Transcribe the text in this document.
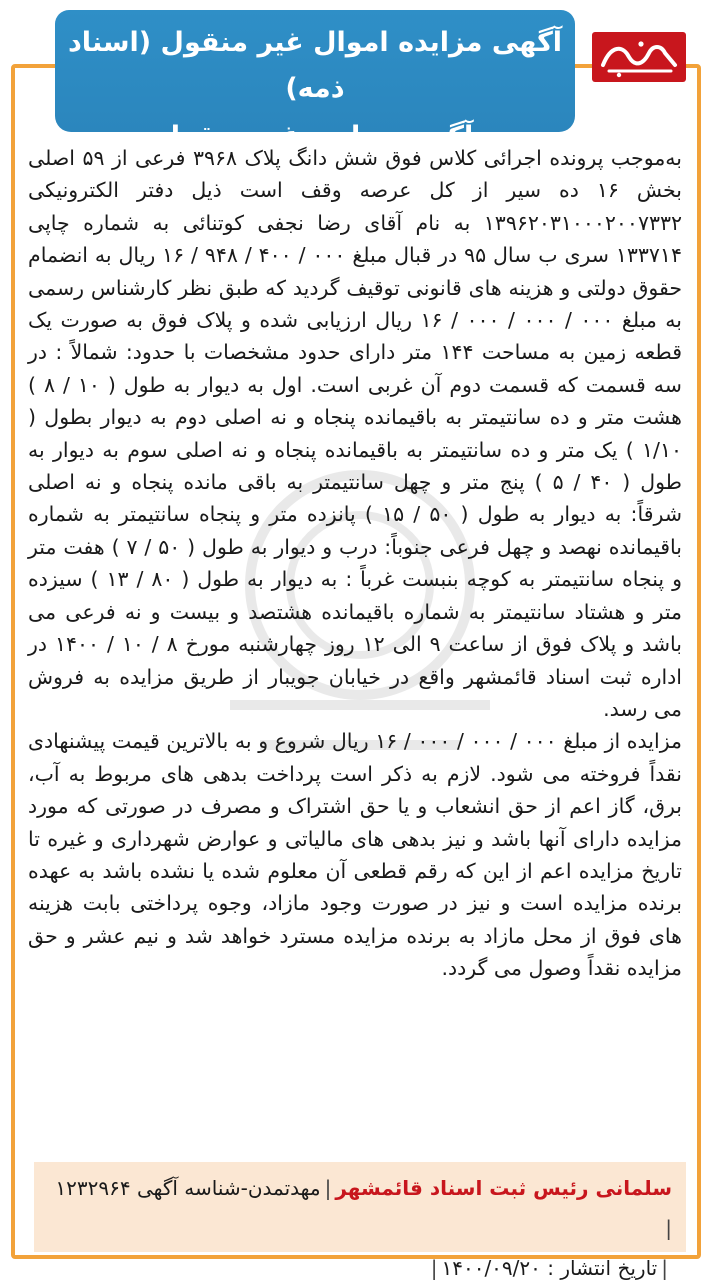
آگهی مزایده اموال غیر منقول (اسناد ذمه)
آگهی مزایده غیر منقول

به‌موجب پرونده اجرائی کلاس فوق شش دانگ پلاک ۳۹۶۸ فرعی از ۵۹ اصلی بخش ۱۶ ده سیر از کل عرصه وقف است ذیل دفتر الکترونیکی ۱۳۹۶۲۰۳۱۰۰۰۲۰۰۷۳۳۲ به نام آقای رضا نجفی کوتنائی به شماره چاپی ۱۳۳۷۱۴ سری ب سال ۹۵ در قبال مبلغ ۰۰۰ / ۴۰۰ / ۹۴۸ / ۱۶ ریال به انضمام حقوق دولتی و هزینه های قانونی توقیف گردید که طبق نظر کارشناس رسمی به مبلغ ۰۰۰ / ۰۰۰ / ۰۰۰ / ۱۶ ریال ارزیابی شده و پلاک فوق به صورت یک قطعه زمین به مساحت ۱۴۴ متر دارای حدود مشخصات با حدود: شمالاً : در سه قسمت که قسمت دوم آن غربی است. اول به دیوار به طول ( ۱۰ / ۸ ) هشت متر و ده سانتیمتر به باقیمانده پنجاه و نه اصلی دوم به دیوار بطول ( ۱/۱۰ ) یک متر و ده سانتیمتر به باقیمانده پنجاه و نه اصلی سوم به دیوار به طول ( ۴۰ / ۵ ) پنج متر و چهل سانتیمتر به باقی مانده پنجاه و نه اصلی شرقاً: به دیوار به طول ( ۵۰ / ۱۵ ) پانزده متر و پنجاه سانتیمتر به شماره باقیمانده نهصد و چهل فرعی جنوباً: درب و دیوار به طول ( ۵۰ / ۷ ) هفت متر و پنجاه سانتیمتر به کوچه بنبست غرباً : به دیوار به طول ( ۸۰ / ۱۳ ) سیزده متر و هشتاد سانتیمتر به شماره باقیمانده هشتصد و بیست و نه فرعی می باشد و پلاک فوق از ساعت ۹ الی ۱۲ روز چهارشنبه مورخ ۸ / ۱۰ / ۱۴۰۰ در اداره ثبت اسناد قائمشهر واقع در خیابان جویبار از طریق مزایده به فروش می رسد.

مزایده از مبلغ ۰۰۰ / ۰۰۰ / ۰۰۰ / ۱۶ ریال شروع و به بالاترین قیمت پیشنهادی نقداً فروخته می شود. لازم به ذکر است پرداخت بدهی های مربوط به آب، برق، گاز اعم از حق انشعاب و یا حق اشتراک و مصرف در صورتی که مورد مزایده دارای آنها باشد و نیز بدهی های مالیاتی و عوارض شهرداری و غیره تا تاریخ مزایده اعم از این که رقم قطعی آن معلوم شده یا نشده باشد به عهده برنده مزایده است و نیز در صورت وجود مازاد، وجوه پرداختی بابت هزینه های فوق از محل مازاد به برنده مزایده مسترد خواهد شد و نیم عشر و حق مزایده نقداً وصول می گردد.

سلمانی رئیس ثبت اسناد قائمشهر|مهدتمدن-شناسه آگهی ۱۲۳۲۹۶۴ |
|تاریخ انتشار : ۱۴۰۰/۰۹/۲۰|
